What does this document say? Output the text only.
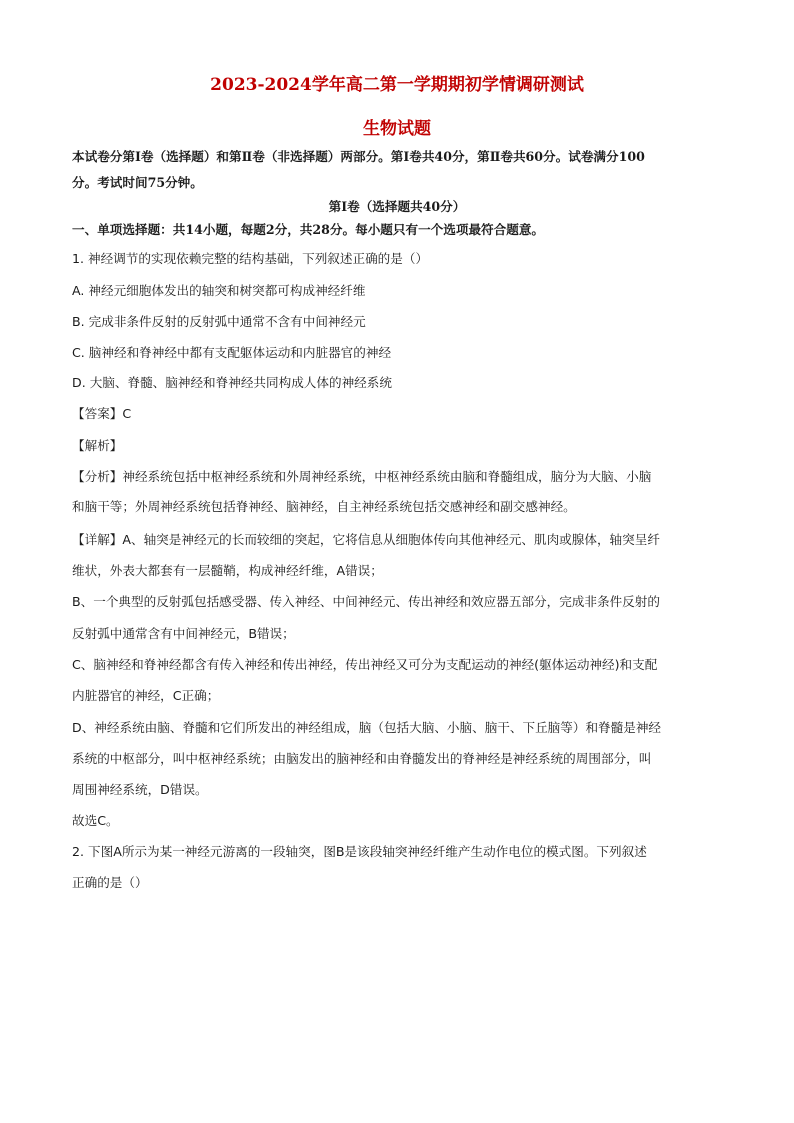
2023-2024学年高二第一学期期初学情调研测试
生物试题
本试卷分第Ⅰ卷（选择题）和第Ⅱ卷（非选择题）两部分。第Ⅰ卷共40分，第Ⅱ卷共60分。试卷满分100
分。考试时间75分钟。
第Ⅰ卷（选择题共40分）
一、单项选择题：共14小题，每题2分，共28分。每小题只有一个选项最符合题意。
1. 神经调节的实现依赖完整的结构基础，下列叙述正确的是（）
A. 神经元细胞体发出的轴突和树突都可构成神经纤维
B. 完成非条件反射的反射弧中通常不含有中间神经元
C. 脑神经和脊神经中都有支配躯体运动和内脏器官的神经
D. 大脑、脊髓、脑神经和脊神经共同构成人体的神经系统
【答案】C
【解析】
【分析】神经系统包括中枢神经系统和外周神经系统，中枢神经系统由脑和脊髓组成，脑分为大脑、小脑
和脑干等；外周神经系统包括脊神经、脑神经，自主神经系统包括交感神经和副交感神经。
【详解】A、轴突是神经元的长而较细的突起，它将信息从细胞体传向其他神经元、肌肉或腺体，轴突呈纤
维状，外表大都套有一层髓鞘，构成神经纤维，A错误；
B、一个典型的反射弧包括感受器、传入神经、中间神经元、传出神经和效应器五部分，完成非条件反射的
反射弧中通常含有中间神经元，B错误；
C、脑神经和脊神经都含有传入神经和传出神经，传出神经又可分为支配运动的神经(躯体运动神经)和支配
内脏器官的神经，C正确；
D、神经系统由脑、脊髓和它们所发出的神经组成，脑（包括大脑、小脑、脑干、下丘脑等）和脊髓是神经
系统的中枢部分，叫中枢神经系统；由脑发出的脑神经和由脊髓发出的脊神经是神经系统的周围部分，叫
周围神经系统，D错误。
故选C。
2. 下图A所示为某一神经元游离的一段轴突，图B是该段轴突神经纤维产生动作电位的模式图。下列叙述
正确的是（）
